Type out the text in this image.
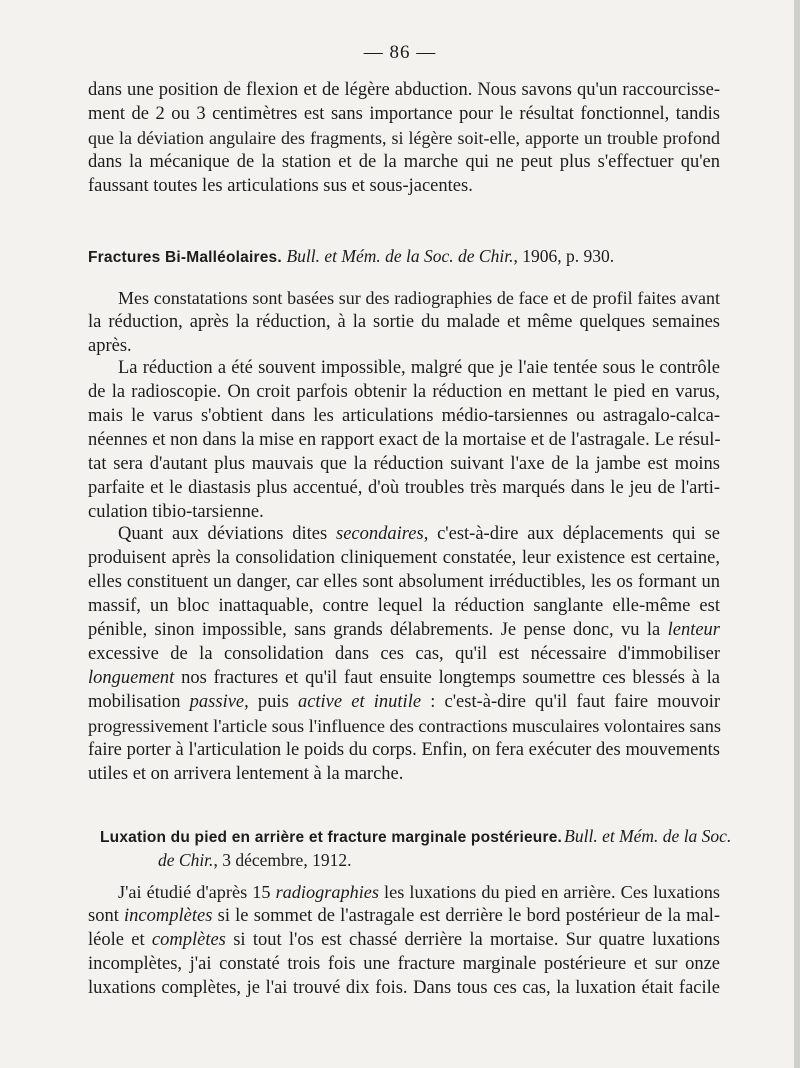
— 86 —
dans une position de flexion et de légère abduction. Nous savons qu'un raccourcisse-
ment de 2 ou 3 centimètres est sans importance pour le résultat fonctionnel, tandis
que la déviation angulaire des fragments, si légère soit-elle, apporte un trouble profond
dans la mécanique de la station et de la marche qui ne peut plus s'effectuer qu'en
faussant toutes les articulations sus et sous-jacentes.
Fractures Bi-Malléolaires. Bull. et Mém. de la Soc. de Chir., 1906, p. 930.
Mes constatations sont basées sur des radiographies de face et de profil faites avant
la réduction, après la réduction, à la sortie du malade et même quelques semaines
après.
La réduction a été souvent impossible, malgré que je l'aie tentée sous le contrôle
de la radioscopie. On croit parfois obtenir la réduction en mettant le pied en varus,
mais le varus s'obtient dans les articulations médio-tarsiennes ou astragalo-calca-
néennes et non dans la mise en rapport exact de la mortaise et de l'astragale. Le résul-
tat sera d'autant plus mauvais que la réduction suivant l'axe de la jambe est moins
parfaite et le diastasis plus accentué, d'où troubles très marqués dans le jeu de l'arti-
culation tibio-tarsienne.
Quant aux déviations dites secondaires, c'est-à-dire aux déplacements qui se
produisent après la consolidation cliniquement constatée, leur existence est certaine,
elles constituent un danger, car elles sont absolument irréductibles, les os formant un
massif, un bloc inattaquable, contre lequel la réduction sanglante elle-même est
pénible, sinon impossible, sans grands délabrements. Je pense donc, vu la lenteur
excessive de la consolidation dans ces cas, qu'il est nécessaire d'immobiliser
longuement nos fractures et qu'il faut ensuite longtemps soumettre ces blessés à la
mobilisation passive, puis active et inutile : c'est-à-dire qu'il faut faire mouvoir
progressivement l'article sous l'influence des contractions musculaires volontaires sans
faire porter à l'articulation le poids du corps. Enfin, on fera exécuter des mouvements
utiles et on arrivera lentement à la marche.
Luxation du pied en arrière et fracture marginale postérieure. Bull. et Mém. de la Soc.
de Chir., 3 décembre, 1912.
J'ai étudié d'après 15 radiographies les luxations du pied en arrière. Ces luxations
sont incomplètes si le sommet de l'astragale est derrière le bord postérieur de la mal-
léole et complètes si tout l'os est chassé derrière la mortaise. Sur quatre luxations
incomplètes, j'ai constaté trois fois une fracture marginale postérieure et sur onze
luxations complètes, je l'ai trouvé dix fois. Dans tous ces cas, la luxation était facile
